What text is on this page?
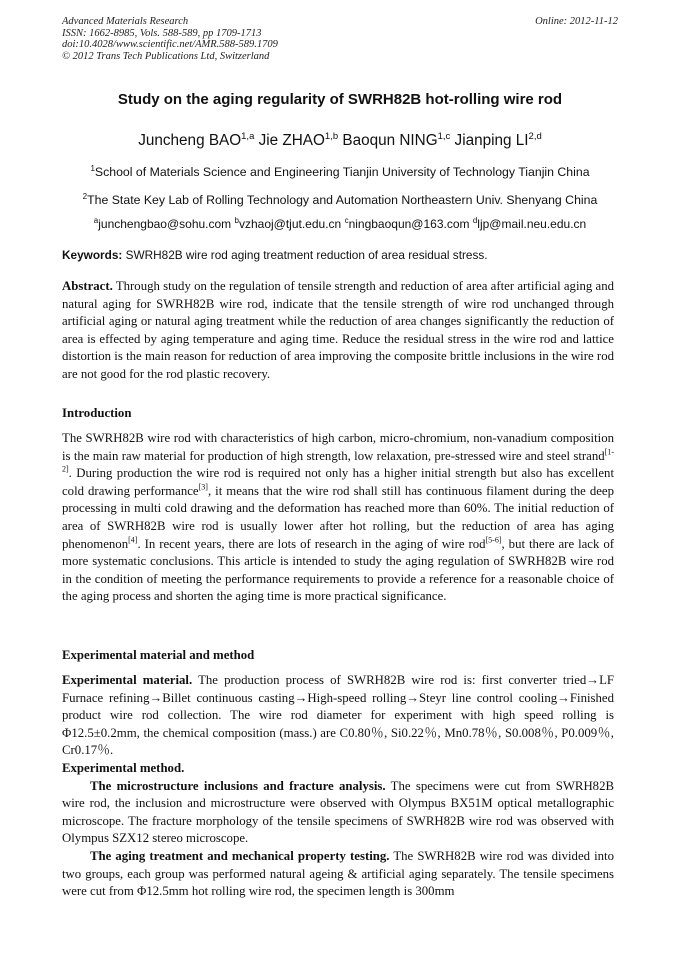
Advanced Materials Research
ISSN: 1662-8985, Vols. 588-589, pp 1709-1713
doi:10.4028/www.scientific.net/AMR.588-589.1709
© 2012 Trans Tech Publications Ltd, Switzerland
Online: 2012-11-12
Study on the aging regularity of SWRH82B hot-rolling wire rod
Juncheng BAO$^{1,a}$ Jie ZHAO$^{1,b}$ Baoqun NING$^{1,c}$ Jianping LI$^{2,d}$
$^1$School of Materials Science and Engineering Tianjin University of Technology Tianjin China
$^2$The State Key Lab of Rolling Technology and Automation Northeastern Univ. Shenyang China
$^a$junchengbao@sohu.com $^b$vzhaoj@tjut.edu.cn $^c$ningbaoqun@163.com $^d$ljp@mail.neu.edu.cn
Keywords: SWRH82B wire rod aging treatment reduction of area residual stress.
Abstract. Through study on the regulation of tensile strength and reduction of area after artificial aging and natural aging for SWRH82B wire rod, indicate that the tensile strength of wire rod unchanged through artificial aging or natural aging treatment while the reduction of area changes significantly the reduction of area is effected by aging temperature and aging time. Reduce the residual stress in the wire rod and lattice distortion is the main reason for reduction of area improving the composite brittle inclusions in the wire rod are not good for the rod plastic recovery.
Introduction
The SWRH82B wire rod with characteristics of high carbon, micro-chromium, non-vanadium composition is the main raw material for production of high strength, low relaxation, pre-stressed wire and steel strand[1-2]. During production the wire rod is required not only has a higher initial strength but also has excellent cold drawing performance[3], it means that the wire rod shall still has continuous filament during the deep processing in multi cold drawing and the deformation has reached more than 60%. The initial reduction of area of SWRH82B wire rod is usually lower after hot rolling, but the reduction of area has aging phenomenon[4]. In recent years, there are lots of research in the aging of wire rod[5-6], but there are lack of more systematic conclusions. This article is intended to study the aging regulation of SWRH82B wire rod in the condition of meeting the performance requirements to provide a reference for a reasonable choice of the aging process and shorten the aging time is more practical significance.
Experimental material and method

Experimental material. The production process of SWRH82B wire rod is: first converter tried→LF Furnace refining→Billet continuous casting→High-speed rolling→Steyr line control cooling→Finished product wire rod collection. The wire rod diameter for experiment with high speed rolling is Φ12.5±0.2mm, the chemical composition (mass.) are C0.80％, Si0.22％, Mn0.78％, S0.008％, P0.009％, Cr0.17％.

Experimental method.

The microstructure inclusions and fracture analysis. The specimens were cut from SWRH82B wire rod, the inclusion and microstructure were observed with Olympus BX51M optical metallographic microscope. The fracture morphology of the tensile specimens of SWRH82B wire rod was observed with Olympus SZX12 stereo microscope.

The aging treatment and mechanical property testing. The SWRH82B wire rod was divided into two groups, each group was performed natural ageing & artificial aging separately. The tensile specimens were cut from Φ12.5mm hot rolling wire rod, the specimen length is 300mm
